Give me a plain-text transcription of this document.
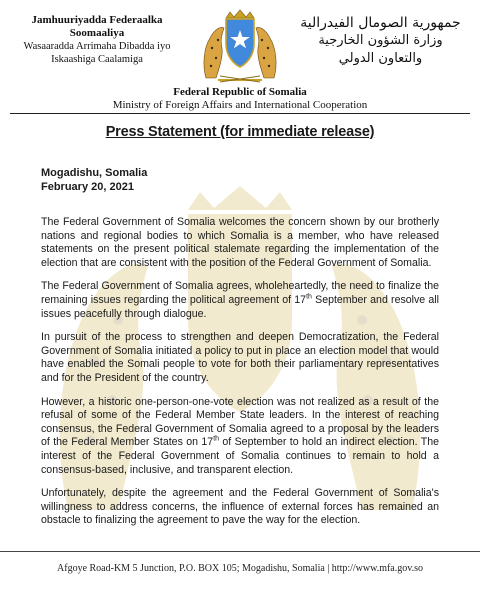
Jamhuuriyadda Federaalka Soomaaliya
Wasaaradda Arrimaha Dibadda iyo
Iskaashiga Caalamiga
جمهورية الصومال الفيدرالية
وزارة الشؤون الخارجية
والتعاون الدولي
Federal Republic of Somalia
Ministry of Foreign Affairs and International Cooperation
Press Statement (for immediate release)
Mogadishu, Somalia
February 20, 2021

The Federal Government of Somalia welcomes the concern shown by our brotherly nations and regional bodies to which Somalia is a member, who have released statements on the present political stalemate regarding the implementation of the election that are consistent with the position of the Federal Government of Somalia.

The Federal Government of Somalia agrees, wholeheartedly, the need to finalize the remaining issues regarding the political agreement of 17th September and resolve all issues peacefully through dialogue.

In pursuit of the process to strengthen and deepen Democratization, the Federal Government of Somalia initiated a policy to put in place an election model that would have enabled the Somali people to vote for both their parliamentary representatives and for the President of the country.

However, a historic one-person-one-vote election was not realized as a result of the refusal of some of the Federal Member State leaders. In the interest of reaching consensus, the Federal Government of Somalia agreed to a proposal by the leaders of the Federal Member States on 17th of September to hold an indirect election. The interest of the Federal Government of Somalia continues to remain to hold a consensus-based, inclusive, and transparent election.

Unfortunately, despite the agreement and the Federal Government of Somalia's willingness to address concerns, the influence of external forces has remained an obstacle to finalizing the agreement to pave the way for the election.

Afgoye Road-KM 5 Junction, P.O. BOX 105; Mogadishu, Somalia | http://www.mfa.gov.so
